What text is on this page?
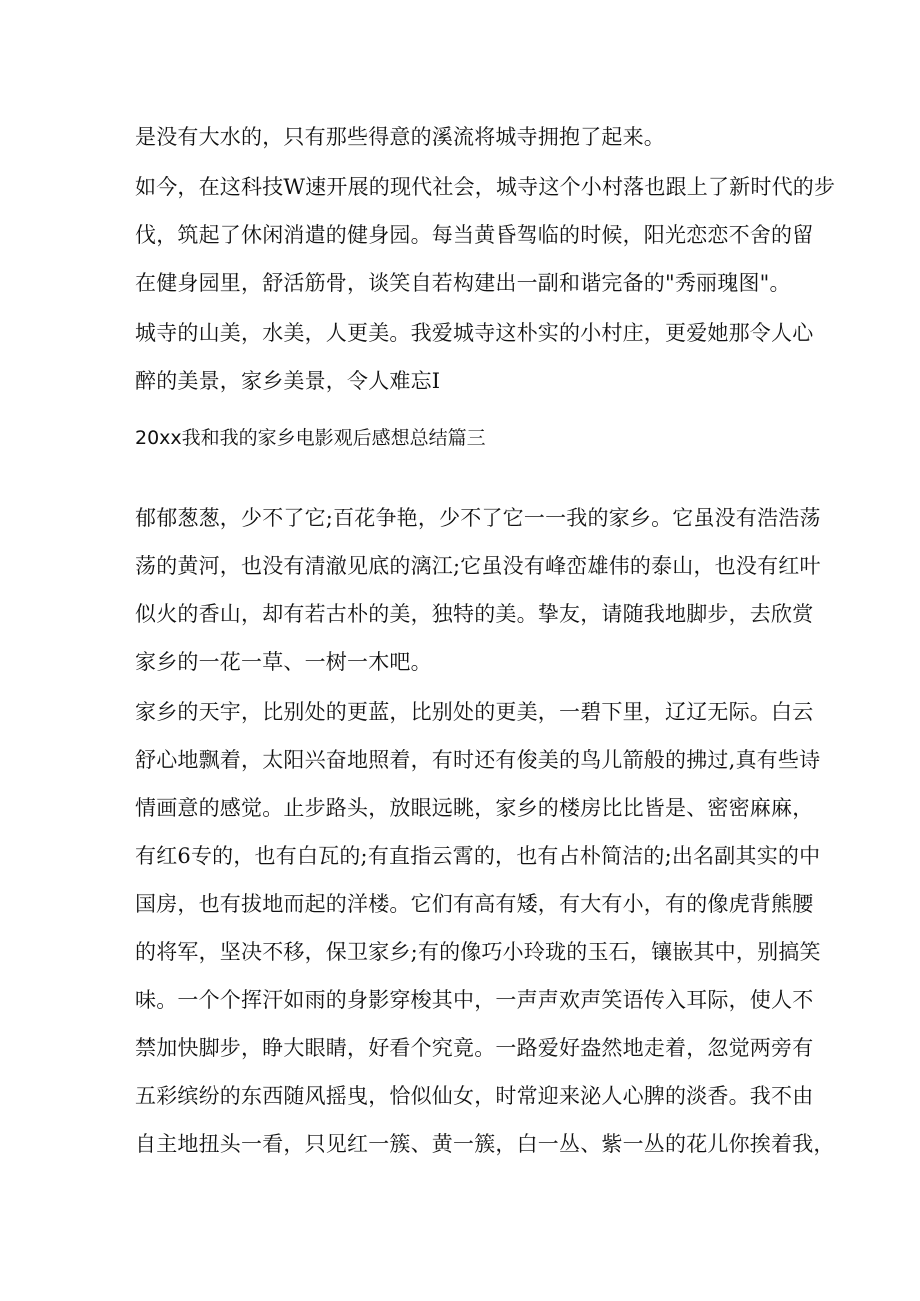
是没有大水的，只有那些得意的溪流将城寺拥抱了起来。
如今，在这科技W速开展的现代社会，城寺这个小村落也跟上了新时代的步
伐，筑起了休闲消遣的健身园。每当黄昏驾临的时候，阳光恋恋不舍的留
在健身园里，舒活筋骨，谈笑自若构建出一副和谐完备的"秀丽瑰图"。
城寺的山美，水美，人更美。我爱城寺这朴实的小村庄，更爱她那令人心
醉的美景，家乡美景，令人难忘I
20xx我和我的家乡电影观后感想总结篇三
郁郁葱葱，少不了它;百花争艳，少不了它一一我的家乡。它虽没有浩浩荡
荡的黄河，也没有清澈见底的漓江;它虽没有峰峦雄伟的泰山，也没有红叶
似火的香山，却有若古朴的美，独特的美。挚友，请随我地脚步，去欣赏
家乡的一花一草、一树一木吧。
家乡的天宇，比别处的更蓝，比别处的更美，一碧下里，辽辽无际。白云
舒心地飘着，太阳兴奋地照着，有时还有俊美的鸟儿箭般的拂过,真有些诗
情画意的感觉。止步路头，放眼远眺，家乡的楼房比比皆是、密密麻麻，
有红6专的，也有白瓦的;有直指云霄的，也有占朴简洁的;出名副其实的中
国房，也有拔地而起的洋楼。它们有高有矮，有大有小，有的像虎背熊腰
的将军，坚决不移，保卫家乡;有的像巧小玲珑的玉石，镶嵌其中，别搞笑
味。一个个挥汗如雨的身影穿梭其中，一声声欢声笑语传入耳际，使人不
禁加快脚步，睁大眼睛，好看个究竟。一路爱好盎然地走着，忽觉两旁有
五彩缤纷的东西随风摇曳，恰似仙女，时常迎来泌人心脾的淡香。我不由
自主地扭头一看，只见红一簇、黄一簇，白一丛、紫一丛的花儿你挨着我，
